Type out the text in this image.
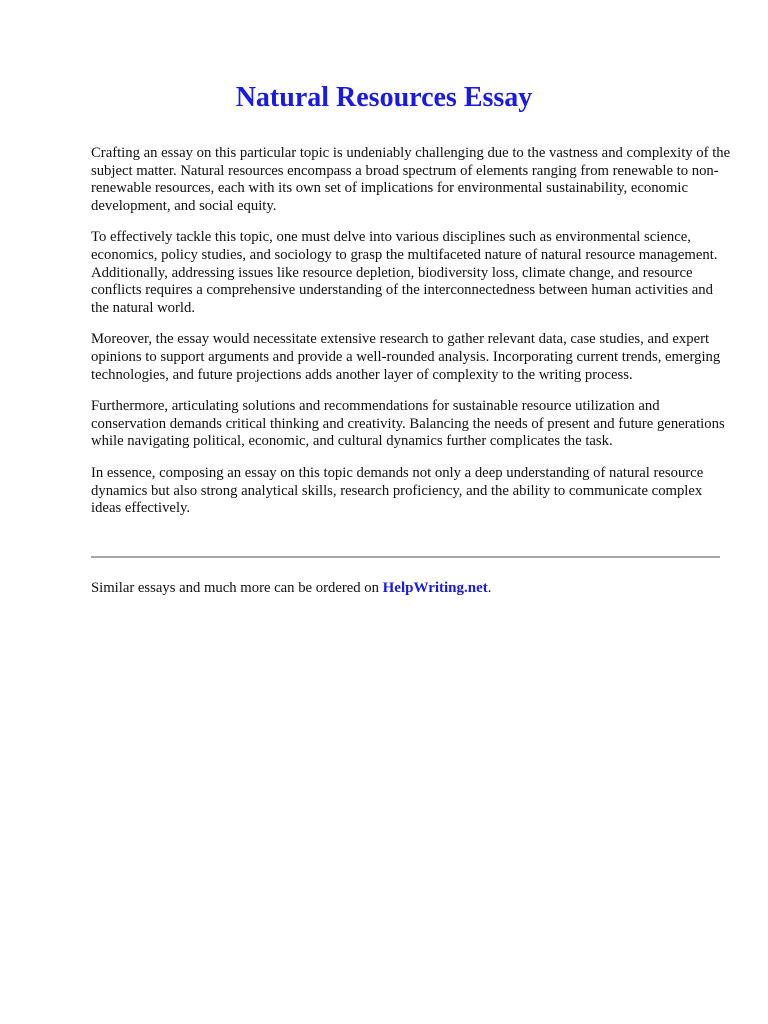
Natural Resources Essay

Crafting an essay on this particular topic is undeniably challenging due to the vastness and complexity of the subject matter. Natural resources encompass a broad spectrum of elements ranging from renewable to non-renewable resources, each with its own set of implications for environmental sustainability, economic development, and social equity.

To effectively tackle this topic, one must delve into various disciplines such as environmental science, economics, policy studies, and sociology to grasp the multifaceted nature of natural resource management. Additionally, addressing issues like resource depletion, biodiversity loss, climate change, and resource conflicts requires a comprehensive understanding of the interconnectedness between human activities and the natural world.

Moreover, the essay would necessitate extensive research to gather relevant data, case studies, and expert opinions to support arguments and provide a well-rounded analysis. Incorporating current trends, emerging technologies, and future projections adds another layer of complexity to the writing process.

Furthermore, articulating solutions and recommendations for sustainable resource utilization and conservation demands critical thinking and creativity. Balancing the needs of present and future generations while navigating political, economic, and cultural dynamics further complicates the task.

In essence, composing an essay on this topic demands not only a deep understanding of natural resource dynamics but also strong analytical skills, research proficiency, and the ability to communicate complex ideas effectively.

Similar essays and much more can be ordered on HelpWriting.net.
